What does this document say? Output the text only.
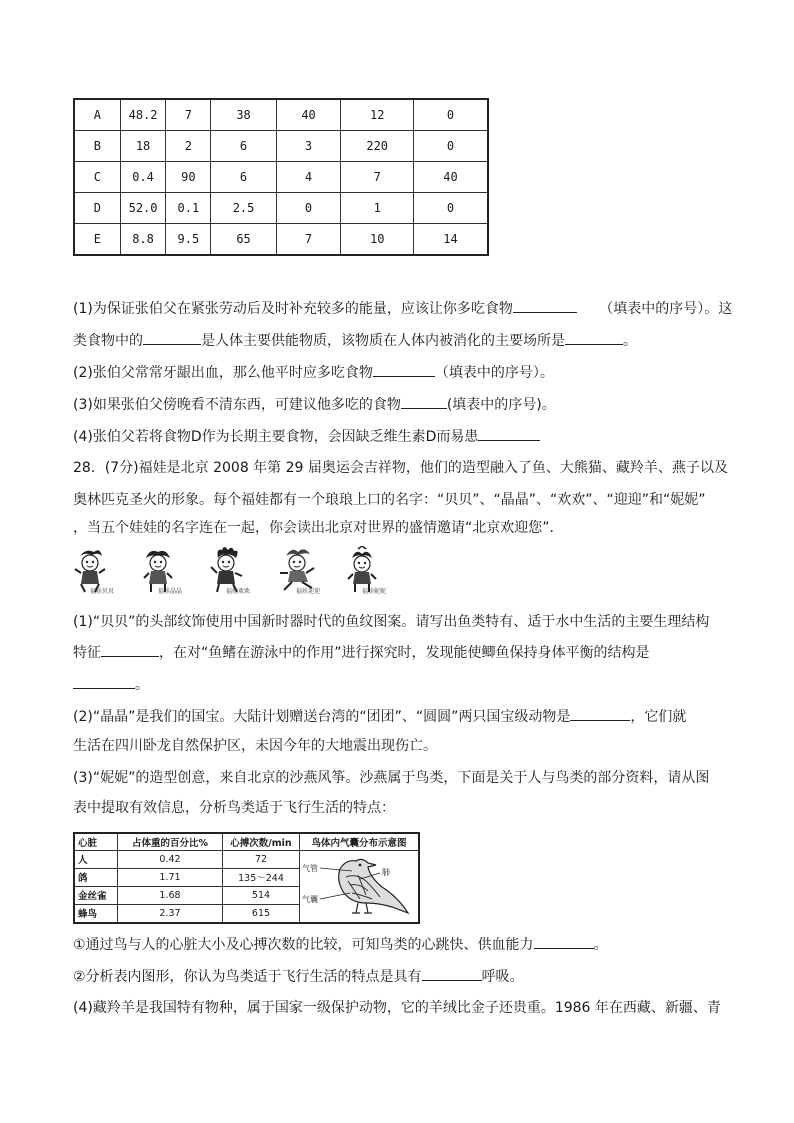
A	48.2	7	38	40	12	0
B	18	2	6	3	220	0
C	0.4	90	6	4	7	40
D	52.0	0.1	2.5	0	1	0
E	8.8	9.5	65	7	10	14
(1)为保证张伯父在紧张劳动后及时补充较多的能量，应该让你多吃食物	（填表中的序号）。这
类食物中的	是人体主要供能物质，该物质在人体内被消化的主要场所是	。
(2)张伯父常常牙龈出血，那么他平时应多吃食物	（填表中的序号）。
(3)如果张伯父傍晚看不清东西，可建议他多吃的食物	(填表中的序号)。
(4)张伯父若将食物D作为长期主要食物，会因缺乏维生素D而易患
28．(7分)福娃是北京 2008 年第 29 届奥运会吉祥物，他们的造型融入了鱼、大熊猫、藏羚羊、燕子以及
奥林匹克圣火的形象。每个福娃都有一个琅琅上口的名字：“贝贝”、“晶晶”、“欢欢”、“迎迎”和“妮妮”
，当五个娃娃的名字连在一起，你会读出北京对世界的盛情邀请“北京欢迎您”．
福娃贝贝	福娃晶晶	福娃欢欢	福娃迎迎	福娃妮妮
(1)“贝贝”的头部纹饰使用中国新时器时代的鱼纹图案。请写出鱼类特有、适于水中生活的主要生理结构
特征	，在对“鱼鳍在游泳中的作用”进行探究时，发现能使鲫鱼保持身体平衡的结构是
。
(2)“晶晶”是我们的国宝。大陆计划赠送台湾的“团团”、“圆圆”两只国宝级动物是	，它们就
生活在四川卧龙自然保护区，未因今年的大地震出现伤亡。
(3)“妮妮”的造型创意，来自北京的沙燕风筝。沙燕属于鸟类，下面是关于人与鸟类的部分资料，请从图
表中提取有效信息，分析鸟类适于飞行生活的特点：
心脏	占体重的百分比%	心搏次数/min	鸟体内气囊分布示意图
人	0.42	72	气管 肺
气囊

鸽	1.71	135～244	
金丝雀	1.68	514	
蜂鸟	2.37	615	
①通过鸟与人的心脏大小及心搏次数的比较，可知鸟类的心跳快、供血能力	。
②分析表内图形，你认为鸟类适于飞行生活的特点是具有	呼吸。
(4)藏羚羊是我国特有物种，属于国家一级保护动物，它的羊绒比金子还贵重。1986 年在西藏、新疆、青
